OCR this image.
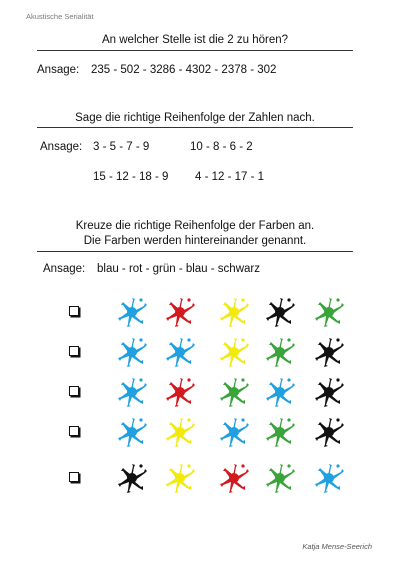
Akustische Serialität
An welcher Stelle ist die 2 zu hören?
Ansage: 235 - 502 - 3286 - 4302 - 2378 - 302
Sage die richtige Reihenfolge der Zahlen nach.
Ansage: 3 - 5 - 7 - 9	10 - 8 - 6 - 2
15 - 12 - 18 - 9 4 - 12 - 17 - 1
Kreuze die richtige Reihenfolge der Farben an.
Die Farben werden hintereinander genannt.
Ansage: blau - rot - grün - blau - schwarz
Katja Mense-Seerich
